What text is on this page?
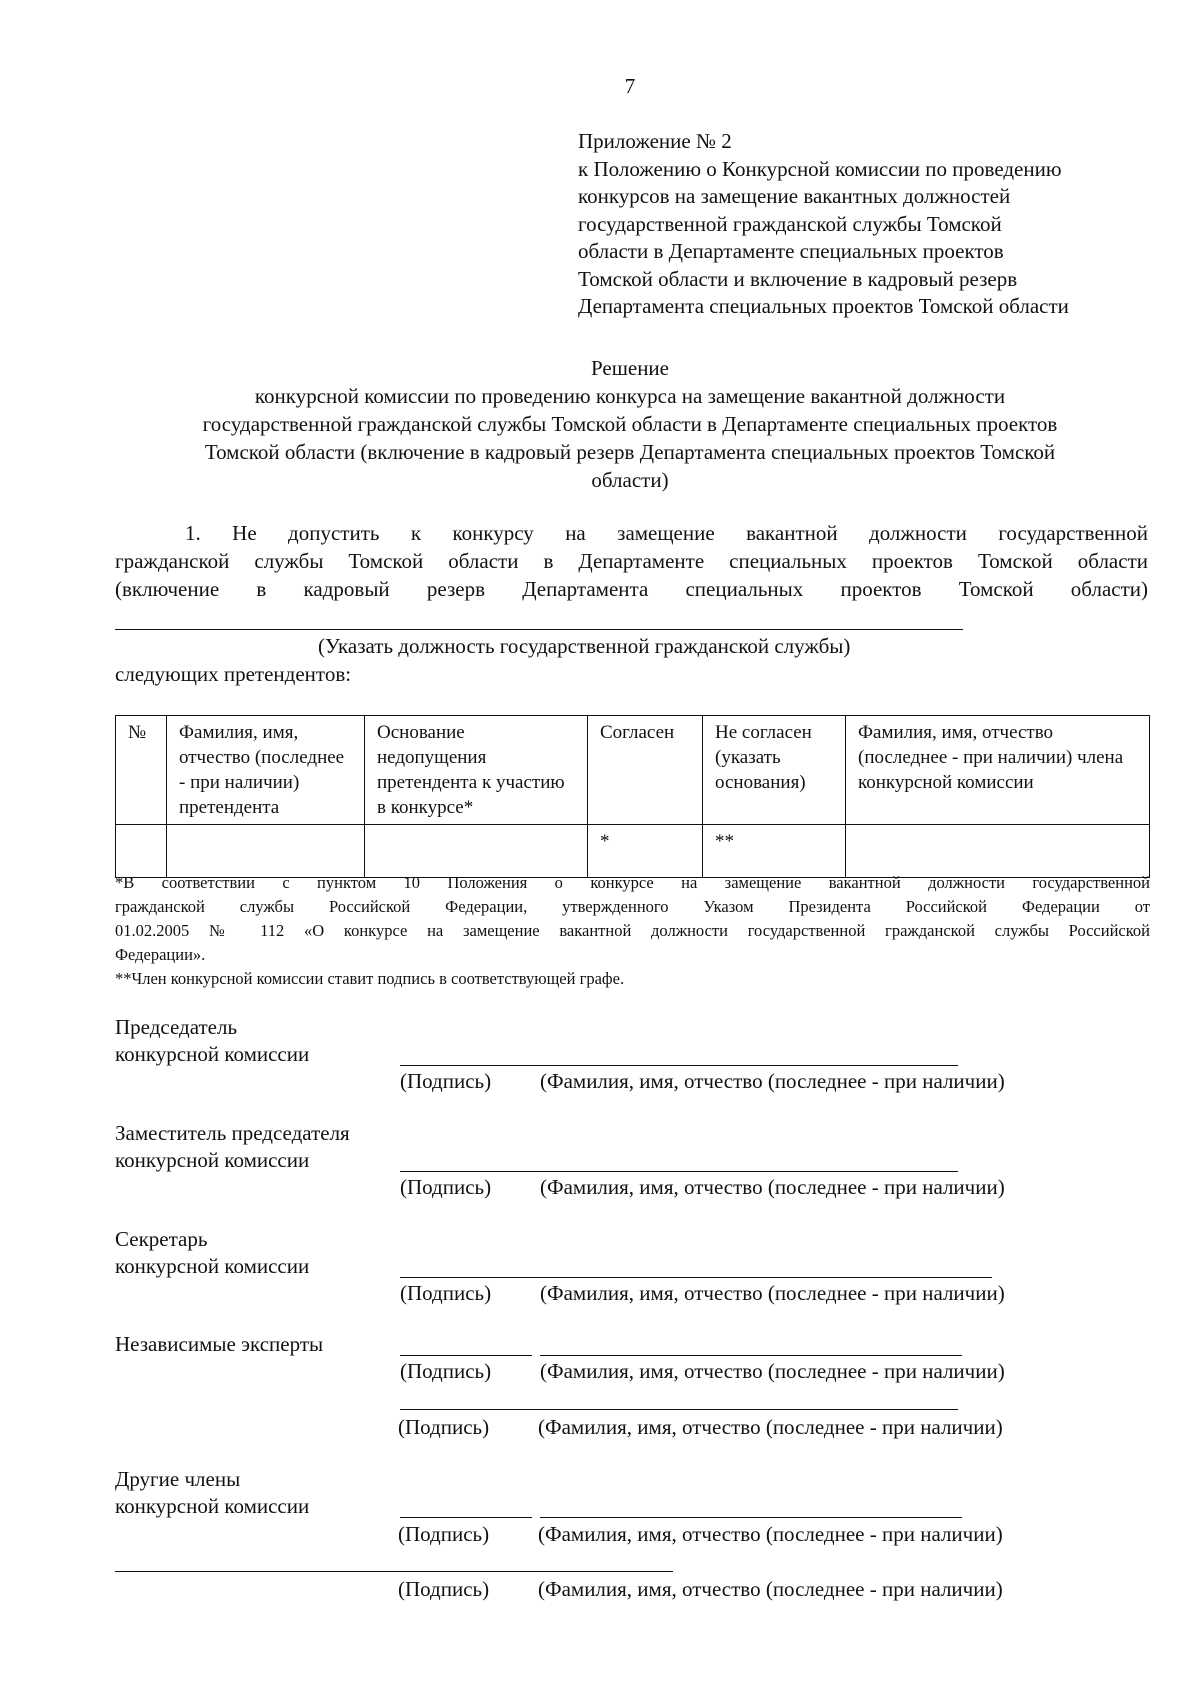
7
Приложение № 2
к Положению о Конкурсной комиссии по проведению
конкурсов на замещение вакантных должностей
государственной гражданской службы Томской
области в Департаменте специальных проектов
Томской области и включение в кадровый резерв
Департамента специальных проектов Томской области
Решение
конкурсной комиссии по проведению конкурса на замещение вакантной должности
государственной гражданской службы Томской области в Департаменте специальных проектов
Томской области (включение в кадровый резерв Департамента специальных проектов Томской
области)
1. Не допустить к конкурсу на замещение вакантной должности государственной
гражданской службы Томской области в Департаменте специальных проектов Томской области
(включение в кадровый резерв Департамента специальных проектов Томской области)
(Указать должность государственной гражданской службы)
следующих претендентов:
№	Фамилия, имя, отчество (последнее - при наличии) претендента	Основание недопущения претендента к участию в конкурсе*	Согласен	Не согласен (указать основания)	Фамилия, имя, отчество (последнее - при наличии) члена конкурсной комиссии
			*	**	
*В соответствии с пунктом 10 Положения о конкурсе на замещение вакантной должности государственной
гражданской службы Российской Федерации, утвержденного Указом Президента Российской Федерации от
01.02.2005 № 112 «О конкурсе на замещение вакантной должности государственной гражданской службы Российской
Федерации».
**Член конкурсной комиссии ставит подпись в соответствующей графе.
Председатель
конкурсной комиссии
(Подпись) (Фамилия, имя, отчество (последнее - при наличии)
Заместитель председателя
конкурсной комиссии
(Подпись) (Фамилия, имя, отчество (последнее - при наличии)
Секретарь
конкурсной комиссии
(Подпись) (Фамилия, имя, отчество (последнее - при наличии)
Независимые эксперты
(Подпись) (Фамилия, имя, отчество (последнее - при наличии)
(Подпись) (Фамилия, имя, отчество (последнее - при наличии)
Другие члены
конкурсной комиссии
(Подпись) (Фамилия, имя, отчество (последнее - при наличии)
(Подпись) (Фамилия, имя, отчество (последнее - при наличии)
